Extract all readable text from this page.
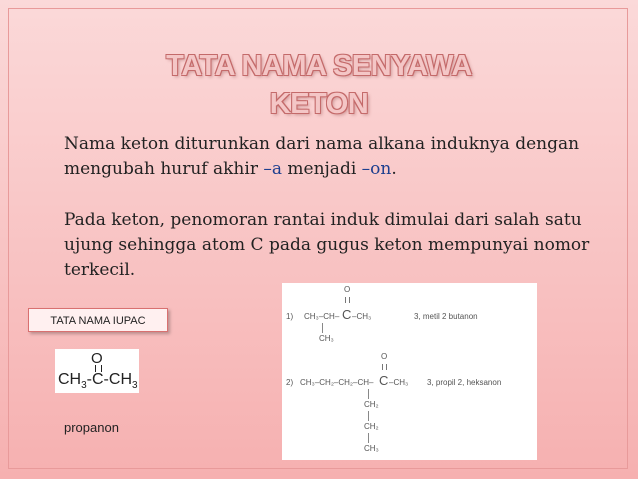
TATA NAMA SENYAWA
KETON
Nama keton diturunkan dari nama alkana induknya dengan mengubah huruf akhir –a menjadi –on.
Pada keton, penomoran rantai induk dimulai dari salah satu ujung sehingga atom C pada gugus keton mempunyai nomor terkecil.
TATA NAMA IUPAC
O
$CH_3-C-CH_3$
propanon
O
1) CH₃–CH– C –CH₃
CH₃
3, metil 2 butanon
O
2) CH₃–CH₂–CH₂–CH– C –CH₃
CH₂
CH₂
CH₃
3, propil 2, heksanon
